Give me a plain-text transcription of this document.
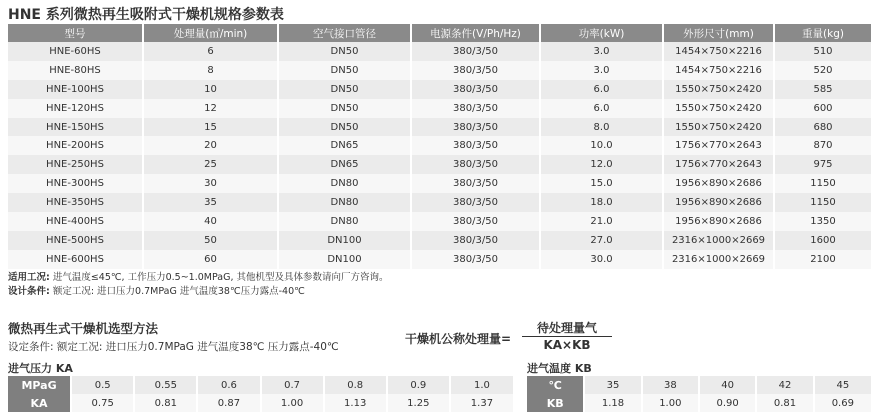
HNE 系列微热再生吸附式干燥机规格参数表
型号	处理量(㎥/min)	空气接口管径	电源条件(V/Ph/Hz)	功率(kW)	外形尺寸(mm)	重量(kg)
HNE-60HS	6	DN50	380/3/50	3.0	1454×750×2216	510
HNE-80HS	8	DN50	380/3/50	3.0	1454×750×2216	520
HNE-100HS	10	DN50	380/3/50	6.0	1550×750×2420	585
HNE-120HS	12	DN50	380/3/50	6.0	1550×750×2420	600
HNE-150HS	15	DN50	380/3/50	8.0	1550×750×2420	680
HNE-200HS	20	DN65	380/3/50	10.0	1756×770×2643	870
HNE-250HS	25	DN65	380/3/50	12.0	1756×770×2643	975
HNE-300HS	30	DN80	380/3/50	15.0	1956×890×2686	1150
HNE-350HS	35	DN80	380/3/50	18.0	1956×890×2686	1150
HNE-400HS	40	DN80	380/3/50	21.0	1956×890×2686	1350
HNE-500HS	50	DN100	380/3/50	27.0	2316×1000×2669	1600
HNE-600HS	60	DN100	380/3/50	30.0	2316×1000×2669	2100
适用工况: 进气温度≤45℃, 工作压力0.5~1.0MPaG, 其他机型及具体参数请向厂方咨询。
设计条件: 额定工况: 进口压力0.7MPaG 进气温度38℃压力露点-40℃
微热再生式干燥机选型方法
设定条件: 额定工况: 进口压力0.7MPaG 进气温度38℃ 压力露点-40℃
干燥机公称处理量=
待处理量气
KA×KB
进气压力 KA	进气温度 KB
MPaG	0.5	0.55	0.6	0.7	0.8	0.9	1.0
KA	0.75	0.81	0.87	1.00	1.13	1.25	1.37
℃	35	38	40	42	45
KB	1.18	1.00	0.90	0.81	0.69
